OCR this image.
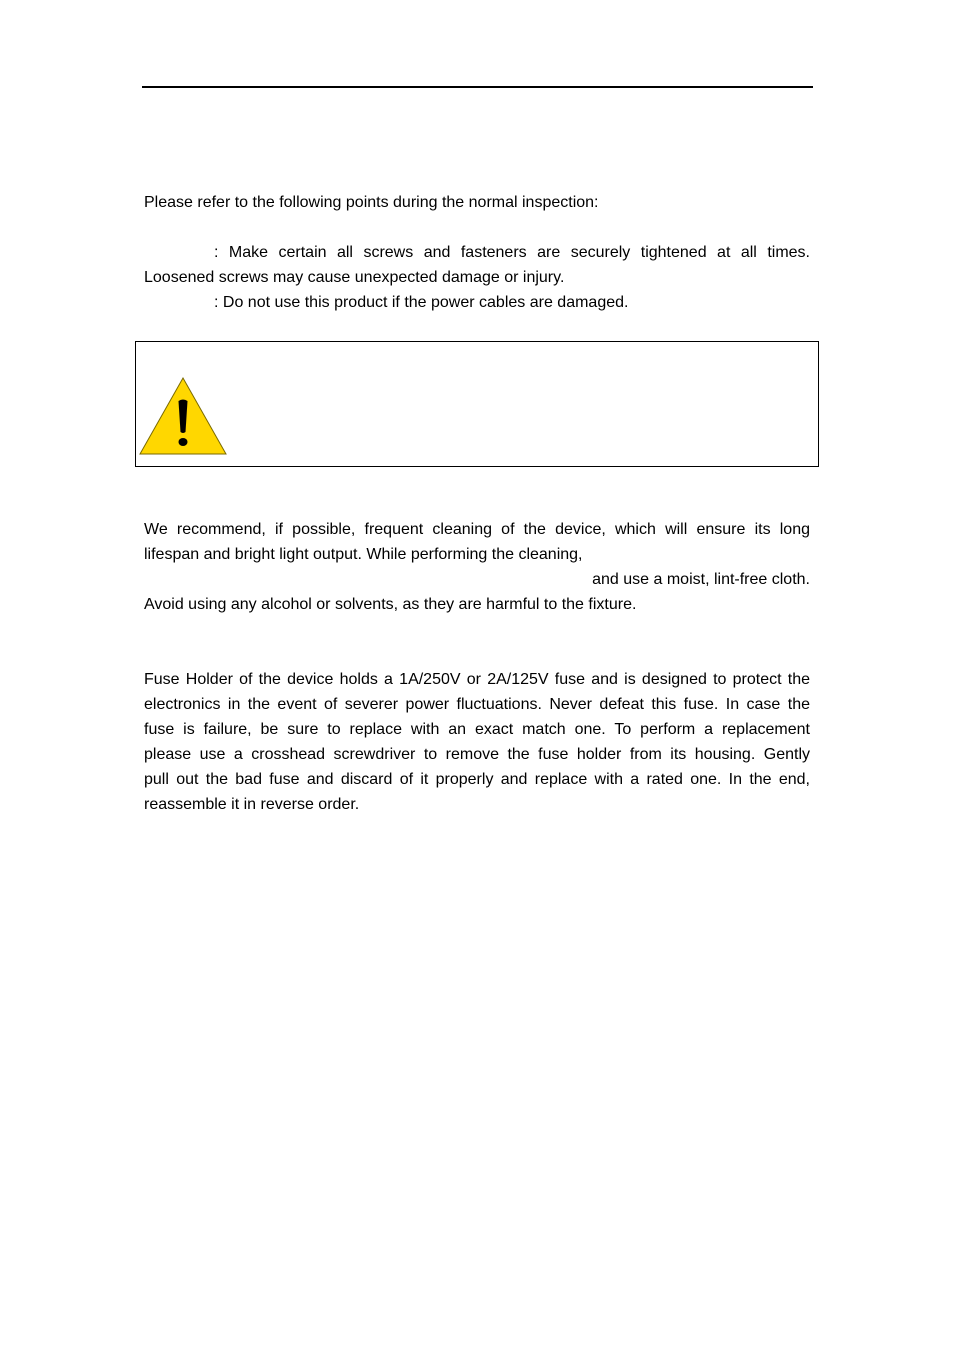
Please refer to the following points during the normal inspection:
: Make certain all screws and fasteners are securely tightened at all times.
Loosened screws may cause unexpected damage or injury.
: Do not use this product if the power cables are damaged.
We recommend, if possible, frequent cleaning of the device, which will ensure its long
lifespan and bright light output. While performing the cleaning,
and use a moist, lint-free cloth.
Avoid using any alcohol or solvents, as they are harmful to the fixture.
Fuse Holder of the device holds a 1A/250V or 2A/125V fuse and is designed to protect the
electronics in the event of severer power fluctuations. Never defeat this fuse. In case the
fuse is failure, be sure to replace with an exact match one. To perform a replacement
please use a crosshead screwdriver to remove the fuse holder from its housing. Gently
pull out the bad fuse and discard of it properly and replace with a rated one. In the end,
reassemble it in reverse order.
